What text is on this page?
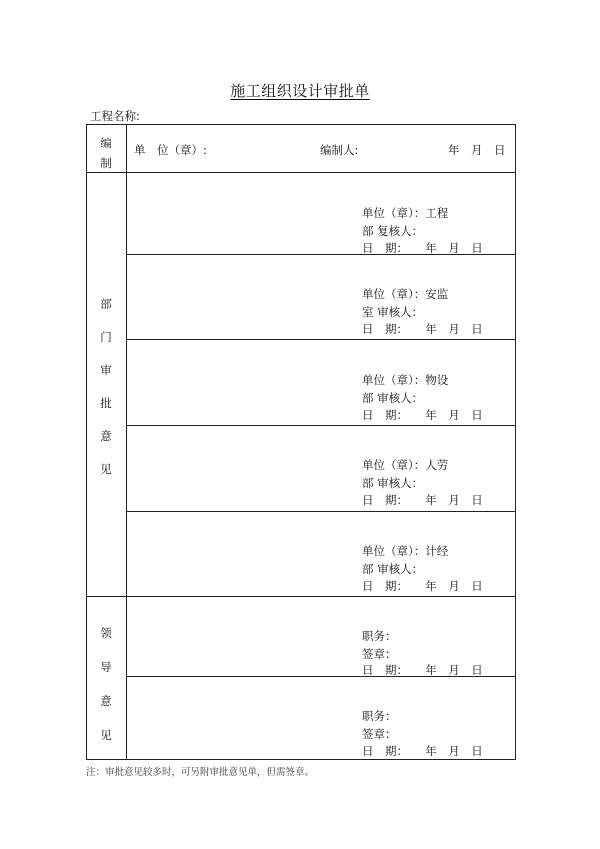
施工组织设计审批单
工程名称:
编
制
单　位（章）:	编制人:	年　月　日
部
门
审
批
意
见
单位（章）：工程
部 复核人：
日　期：　　年　月　日
单位（章）：安监
室 审核人：
日　期：　　年　月　日
单位（章）：物设
部 审核人：
日　期：　　年　月　日
单位（章）：人劳
部 审核人：
日　期：　　年　月　日
单位（章）：计经
部 审核人：
日　期：　　年　月　日
领
导
意
见
职务：
签章：
日　期：　　年　月　日
职务：
签章：
日　期：　　年　月　日
注：审批意见较多时，可另附审批意见单，但需签章。
